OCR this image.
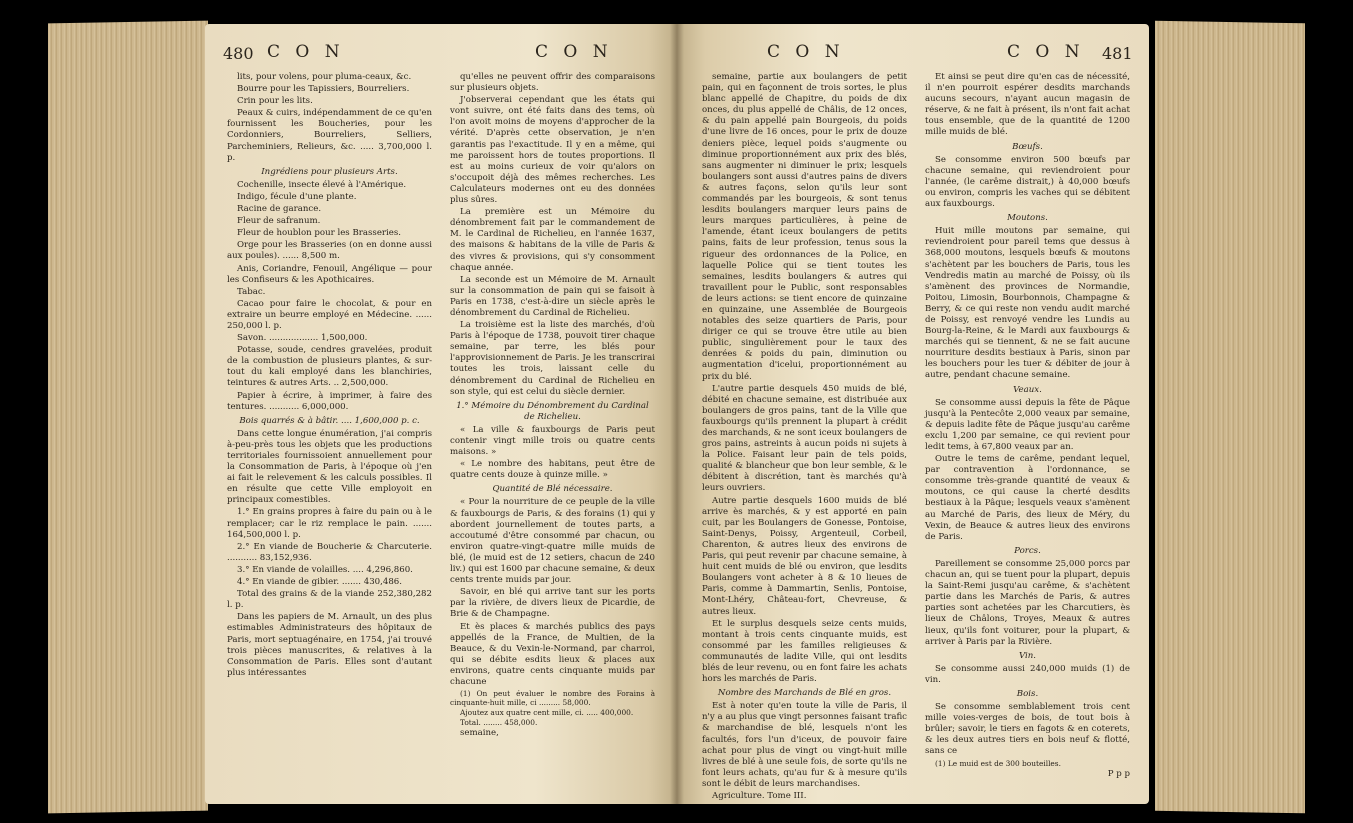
480 C O N	C O N

lits, pour volens, pour pluma-ceaux, &c.

Bourre pour les Tapissiers, Bourreliers.

Crin pour les lits.

Peaux & cuirs, indépendamment de ce qu'en fournissent les Boucheries, pour les Cordonniers, Bourreliers, Selliers, Parcheminiers, Relieurs, &c. ..... 3,700,000 l. p.

Ingrédiens pour plusieurs Arts.

Cochenille, insecte élevé à l'Amérique.

Indigo, fécule d'une plante.

Racine de garance.

Fleur de safranum.

Fleur de houblon pour les Brasseries.

Orge pour les Brasseries (on en donne aussi aux poules). ...... 8,500 m.

Anis, Coriandre, Fenouil, Angélique — pour les Confiseurs & les Apothicaires.

Tabac.

Cacao pour faire le chocolat, & pour en extraire un beurre employé en Médecine. ...... 250,000 l. p.

Savon. .................. 1,500,000.

Potasse, soude, cendres gravelées, produit de la combustion de plusieurs plantes, & sur-tout du kali employé dans les blanchiries, teintures & autres Arts. .. 2,500,000.

Papier à écrire, à imprimer, à faire des tentures. ........... 6,000,000.

Bois quarrés & à bâtir. .... 1,600,000 p. c.

Dans cette longue énumération, j'ai compris à-peu-près tous les objets que les productions territoriales fournissoient annuellement pour la Consommation de Paris, à l'époque où j'en ai fait le relevement & les calculs possibles. Il en résulte que cette Ville employoit en principaux comestibles.

1.° En grains propres à faire du pain ou à le remplacer; car le riz remplace le pain. ....... 164,500,000 l. p.

2.° En viande de Boucherie & Charcuterie. ........... 83,152,936.

3.° En viande de volailles. .... 4,296,860.

4.° En viande de gibier. ....... 430,486.

Total des grains & de la viande 252,380,282 l. p.

Dans les papiers de M. Arnault, un des plus estimables Administrateurs des hôpitaux de Paris, mort septuagénaire, en 1754, j'ai trouvé trois pièces manuscrites, & relatives à la Consommation de Paris. Elles sont d'autant plus intéressantes

qu'elles ne peuvent offrir des comparaisons sur plusieurs objets.

J'observerai cependant que les états qui vont suivre, ont été faits dans des tems, où l'on avoit moins de moyens d'approcher de la vérité. D'après cette observation, je n'en garantis pas l'exactitude. Il y en a même, qui me paroissent hors de toutes proportions. Il est au moins curieux de voir qu'alors on s'occupoit déjà des mêmes recherches. Les Calculateurs modernes ont eu des données plus sûres.

La première est un Mémoire du dénombrement fait par le commandement de M. le Cardinal de Richelieu, en l'année 1637, des maisons & habitans de la ville de Paris & des vivres & provisions, qui s'y consomment chaque année.

La seconde est un Mémoire de M. Arnault sur la consommation de pain qui se faisoit à Paris en 1738, c'est-à-dire un siècle après le dénombrement du Cardinal de Richelieu.

La troisième est la liste des marchés, d'où Paris à l'époque de 1738, pouvoit tirer chaque semaine, par terre, les blés pour l'approvisionnement de Paris. Je les transcrirai toutes les trois, laissant celle du dénombrement du Cardinal de Richelieu en son style, qui est celui du siècle dernier.

1.° Mémoire du Dénombrement du Cardinal de Richelieu.

« La ville & fauxbourgs de Paris peut contenir vingt mille trois ou quatre cents maisons. »

« Le nombre des habitans, peut être de quatre cents douze à quinze mille. »

Quantité de Blé nécessaire.

« Pour la nourriture de ce peuple de la ville & fauxbourgs de Paris, & des forains (1) qui y abordent journellement de toutes parts, a accoutumé d'être consommé par chacun, ou environ quatre-vingt-quatre mille muids de blé, (le muid est de 12 setiers, chacun de 240 liv.) qui est 1600 par chacune semaine, & deux cents trente muids par jour.

Savoir, en blé qui arrive tant sur les ports par la rivière, de divers lieux de Picardie, de Brie & de Champagne.

Et ès places & marchés publics des pays appellés de la France, de Multien, de la Beauce, & du Vexin-le-Normand, par charroi, qui se débite esdits lieux & places aux environs, quatre cents cinquante muids par chacune

(1) On peut évaluer le nombre des Forains à cinquante-huit mille, ci ......... 58,000.

Ajoutez aux quatre cent mille, ci. ..... 400,000.

Total. ........ 458,000.

semaine,

C O N	C O N 481

semaine, partie aux boulangers de petit pain, qui en façonnent de trois sortes, le plus blanc appellé de Chapitre, du poids de dix onces, du plus appellé de Châlis, de 12 onces, & du pain appellé pain Bourgeois, du poids d'une livre de 16 onces, pour le prix de douze deniers pièce, lequel poids s'augmente ou diminue proportionnément aux prix des blés, sans augmenter ni diminuer le prix; lesquels boulangers sont aussi d'autres pains de divers & autres façons, selon qu'ils leur sont commandés par les bourgeois, & sont tenus lesdits boulangers marquer leurs pains de leurs marques particulières, à peine de l'amende, étant iceux boulangers de petits pains, faits de leur profession, tenus sous la rigueur des ordonnances de la Police, en laquelle Police qui se tient toutes les semaines, lesdits boulangers & autres qui travaillent pour le Public, sont responsables de leurs actions: se tient encore de quinzaine en quinzaine, une Assemblée de Bourgeois notables des seize quartiers de Paris, pour diriger ce qui se trouve être utile au bien public, singulièrement pour le taux des denrées & poids du pain, diminution ou augmentation d'icelui, proportionnément au prix du blé.

L'autre partie desquels 450 muids de blé, débité en chacune semaine, est distribuée aux boulangers de gros pains, tant de la Ville que fauxbourgs qu'ils prennent la plupart à crédit des marchands, & ne sont iceux boulangers de gros pains, astreints à aucun poids ni sujets à la Police. Faisant leur pain de tels poids, qualité & blancheur que bon leur semble, & le débitent à discrétion, tant ès marchés qu'à leurs ouvriers.

Autre partie desquels 1600 muids de blé arrive ès marchés, & y est apporté en pain cuit, par les Boulangers de Gonesse, Pontoise, Saint-Denys, Poissy, Argenteuil, Corbeil, Charenton, & autres lieux des environs de Paris, qui peut revenir par chacune semaine, à huit cent muids de blé ou environ, que lesdits Boulangers vont acheter à 8 & 10 lieues de Paris, comme à Dammartin, Senlis, Pontoise, Mont-Lhéry, Château-fort, Chevreuse, & autres lieux.

Et le surplus desquels seize cents muids, montant à trois cents cinquante muids, est consommé par les familles religieuses & communautés de ladite Ville, qui ont lesdits blés de leur revenu, ou en font faire les achats hors les marchés de Paris.

Nombre des Marchands de Blé en gros.

Est à noter qu'en toute la ville de Paris, il n'y a au plus que vingt personnes faisant trafic & marchandise de blé, lesquels n'ont les facultés, fors l'un d'iceux, de pouvoir faire achat pour plus de vingt ou vingt-huit mille livres de blé à une seule fois, de sorte qu'ils ne font leurs achats, qu'au fur & à mesure qu'ils sont le débit de leurs marchandises.

Agriculture. Tome III.

Et ainsi se peut dire qu'en cas de nécessité, il n'en pourroit espérer desdits marchands aucuns secours, n'ayant aucun magasin de réserve, & ne fait à présent, ils n'ont fait achat tous ensemble, que de la quantité de 1200 mille muids de blé.

Bœufs.

Se consomme environ 500 bœufs par chacune semaine, qui reviendroient pour l'année, (le carême distrait,) à 40,000 bœufs ou environ, compris les vaches qui se débitent aux fauxbourgs.

Moutons.

Huit mille moutons par semaine, qui reviendroient pour pareil tems que dessus à 368,000 moutons, lesquels bœufs & moutons s'achètent par les bouchers de Paris, tous les Vendredis matin au marché de Poissy, où ils s'amènent des provinces de Normandie, Poitou, Limosin, Bourbonnois, Champagne & Berry, & ce qui reste non vendu audit marché de Poissy, est renvoyé vendre les Lundis au Bourg-la-Reine, & le Mardi aux fauxbourgs & marchés qui se tiennent, & ne se fait aucune nourriture desdits bestiaux à Paris, sinon par les bouchers pour les tuer & débiter de jour à autre, pendant chacune semaine.

Veaux.

Se consomme aussi depuis la fête de Pâque jusqu'à la Pentecôte 2,000 veaux par semaine, & depuis ladite fête de Pâque jusqu'au carême exclu 1,200 par semaine, ce qui revient pour ledit tems, à 67,800 veaux par an.

Outre le tems de carême, pendant lequel, par contravention à l'ordonnance, se consomme très-grande quantité de veaux & moutons, ce qui cause la cherté desdits bestiaux à la Pâque; lesquels veaux s'amènent au Marché de Paris, des lieux de Méry, du Vexin, de Beauce & autres lieux des environs de Paris.

Porcs.

Pareillement se consomme 25,000 porcs par chacun an, qui se tuent pour la plupart, depuis la Saint-Remi jusqu'au carême, & s'achètent partie dans les Marchés de Paris, & autres parties sont achetées par les Charcutiers, ès lieux de Châlons, Troyes, Meaux & autres lieux, qu'ils font voiturer, pour la plupart, & arriver à Paris par la Rivière.

Vin.

Se consomme aussi 240,000 muids (1) de vin.

Bois.

Se consomme semblablement trois cent mille voies-verges de bois, de tout bois à brûler; savoir, le tiers en fagots & en coterets, & les deux autres tiers en bois neuf & flotté, sans ce

(1) Le muid est de 300 bouteilles.

P p p
